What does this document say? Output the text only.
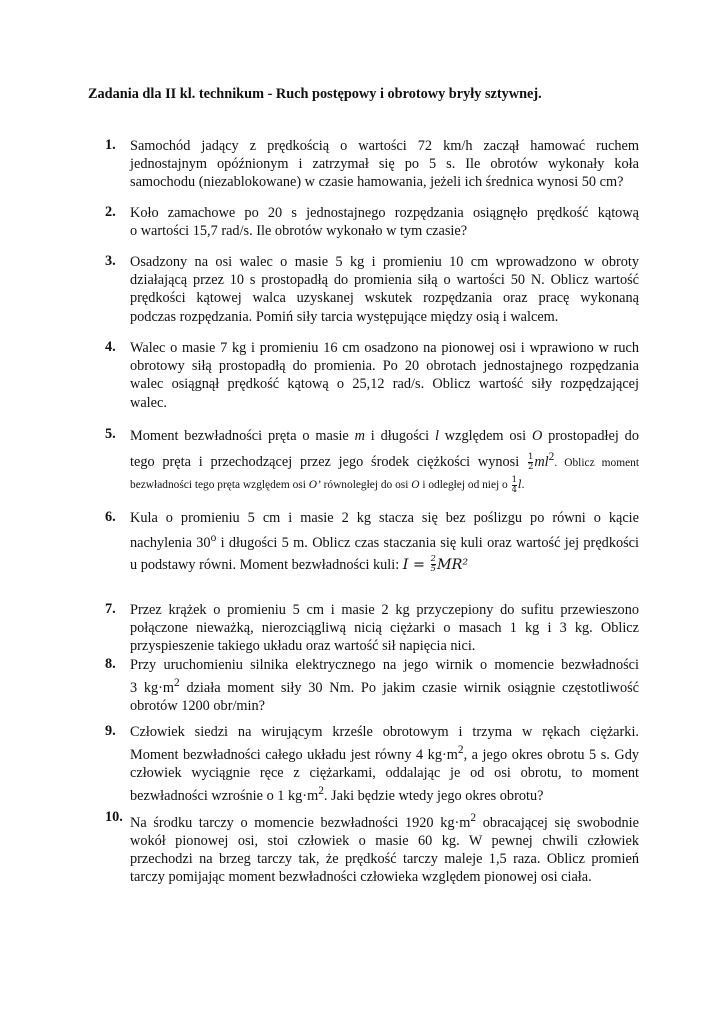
Zadania dla II kl. technikum - Ruch postępowy i obrotowy bryły sztywnej.
1. Samochód jadący z prędkością o wartości 72 km/h zaczął hamować ruchem
jednostajnym opóźnionym i zatrzymał się po 5 s. Ile obrotów wykonały koła
samochodu (niezablokowane) w czasie hamowania, jeżeli ich średnica wynosi 50 cm?
2. Koło zamachowe po 20 s jednostajnego rozpędzania osiągnęło prędkość kątową
o wartości 15,7 rad/s. Ile obrotów wykonało w tym czasie?
3. Osadzony na osi walec o masie 5 kg i promieniu 10 cm wprowadzono w obroty
działającą przez 10 s prostopadłą do promienia siłą o wartości 50 N. Oblicz wartość
prędkości kątowej walca uzyskanej wskutek rozpędzania oraz pracę wykonaną
podczas rozpędzania. Pomiń siły tarcia występujące między osią i walcem.
4. Walec o masie 7 kg i promieniu 16 cm osadzono na pionowej osi i wprawiono w ruch
obrotowy siłą prostopadłą do promienia. Po 20 obrotach jednostajnego rozpędzania
walec osiągnął prędkość kątową o 25,12 rad/s. Oblicz wartość siły rozpędzającej
walec.
5. Moment bezwładności pręta o masie m i długości l względem osi O prostopadłej do
tego pręta i przechodzącej przez jego środek ciężkości wynosi $\frac{1}{2} ml^2$. Oblicz moment
bezwładności tego pręta względem osi O’ równoległej do osi O i odległej od niej o $\frac{1}{4} l$.
6. Kula o promieniu 5 cm i masie 2 kg stacza się bez poślizgu po równi o kącie
nachylenia 30$^o$ i długości 5 m. Oblicz czas staczania się kuli oraz wartość jej prędkości
u podstawy równi. Moment bezwładności kuli: $I = \frac{2}{5} MR^2$
7. Przez krążek o promieniu 5 cm i masie 2 kg przyczepiony do sufitu przewieszono
połączone nieważką, nierozciągliwą nicią ciężarki o masach 1 kg i 3 kg. Oblicz
przyspieszenie takiego układu oraz wartość sił napięcia nici.
8. Przy uruchomieniu silnika elektrycznego na jego wirnik o momencie bezwładności
3 $kg\cdot m^2$ działa moment siły 30 Nm. Po jakim czasie wirnik osiągnie częstotliwość
obrotów 1200 obr/min?
9. Człowiek siedzi na wirującym krześle obrotowym i trzyma w rękach ciężarki.
Moment bezwładności całego układu jest równy 4 $kg\cdot m^2$, a jego okres obrotu 5 s. Gdy
człowiek wyciągnie ręce z ciężarkami, oddalając je od osi obrotu, to moment
bezwładności wzrośnie o 1 $kg\cdot m^2$. Jaki będzie wtedy jego okres obrotu?
10. Na środku tarczy o momencie bezwładności 1920 $kg\cdot m^2$ obracającej się swobodnie
wokół pionowej osi, stoi człowiek o masie 60 kg. W pewnej chwili człowiek
przechodzi na brzeg tarczy tak, że prędkość tarczy maleje 1,5 raza. Oblicz promień
tarczy pomijając moment bezwładności człowieka względem pionowej osi ciała.
